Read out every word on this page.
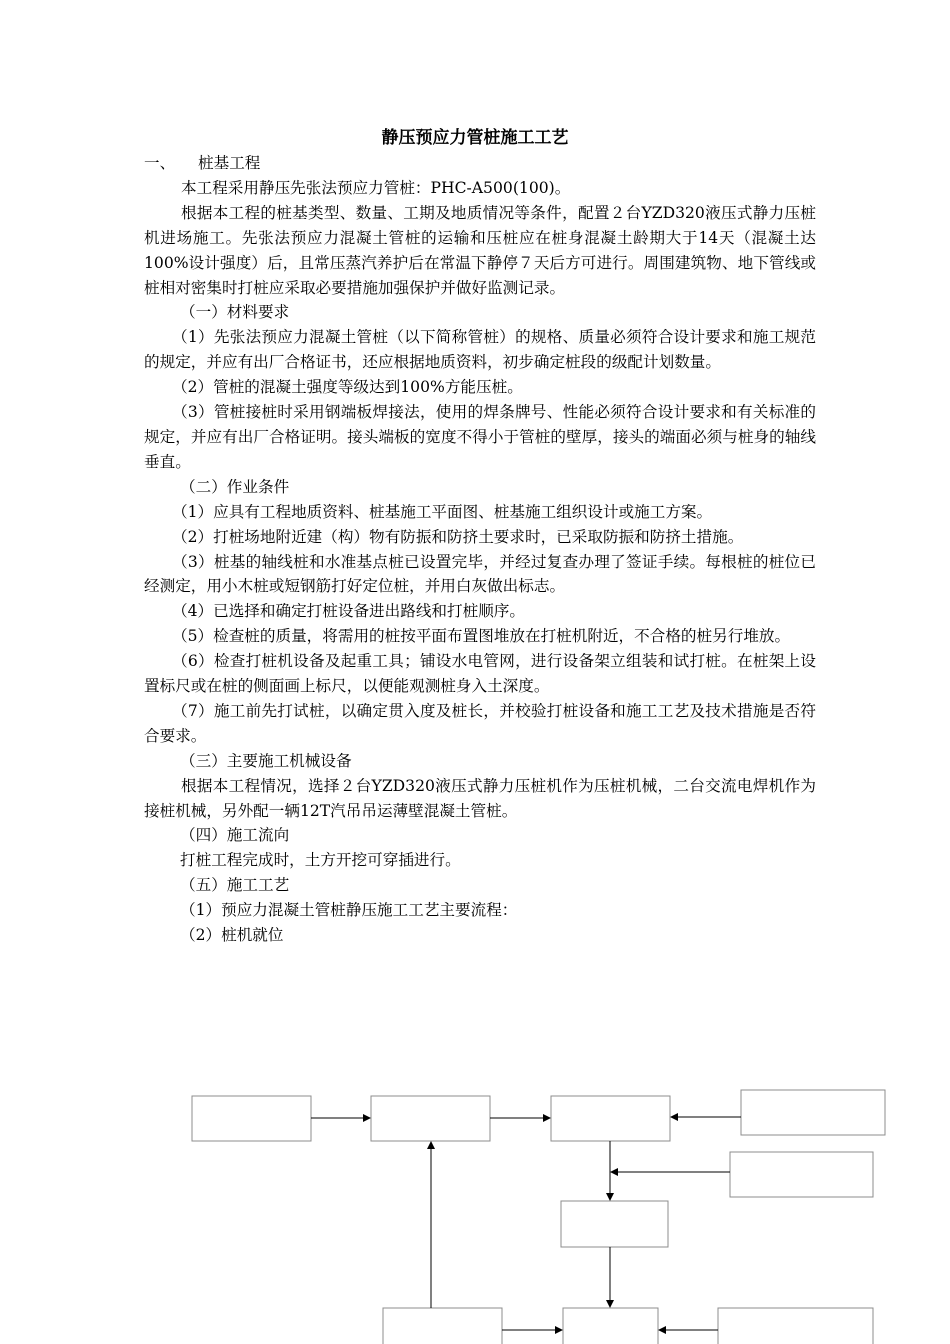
静压预应力管桩施工工艺

一、 桩基工程

本工程采用静压先张法预应力管桩：PHC-A500(100)。

根据本工程的桩基类型、数量、工期及地质情况等条件，配置２台YZD320液压式静力压桩机进场施工。先张法预应力混凝土管桩的运输和压桩应在桩身混凝土龄期大于14天（混凝土达100%设计强度）后，且常压蒸汽养护后在常温下静停７天后方可进行。周围建筑物、地下管线或桩相对密集时打桩应采取必要措施加强保护并做好监测记录。

（一）材料要求

（1）先张法预应力混凝土管桩（以下简称管桩）的规格、质量必须符合设计要求和施工规范的规定，并应有出厂合格证书，还应根据地质资料，初步确定桩段的级配计划数量。

（2）管桩的混凝土强度等级达到100%方能压桩。

（3）管桩接桩时采用钢端板焊接法，使用的焊条牌号、性能必须符合设计要求和有关标准的规定，并应有出厂合格证明。接头端板的宽度不得小于管桩的壁厚，接头的端面必须与桩身的轴线垂直。

（二）作业条件

（1）应具有工程地质资料、桩基施工平面图、桩基施工组织设计或施工方案。

（2）打桩场地附近建（构）物有防振和防挤土要求时，已采取防振和防挤土措施。

（3）桩基的轴线桩和水准基点桩已设置完毕，并经过复查办理了签证手续。每根桩的桩位已经测定，用小木桩或短钢筋打好定位桩，并用白灰做出标志。

（4）已选择和确定打桩设备进出路线和打桩顺序。

（5）检查桩的质量，将需用的桩按平面布置图堆放在打桩机附近，不合格的桩另行堆放。

（6）检查打桩机设备及起重工具；铺设水电管网，进行设备架立组装和试打桩。在桩架上设置标尺或在桩的侧面画上标尺，以便能观测桩身入土深度。

（7）施工前先打试桩，以确定贯入度及桩长，并校验打桩设备和施工工艺及技术措施是否符合要求。

（三）主要施工机械设备

根据本工程情况，选择２台YZD320液压式静力压桩机作为压桩机械，二台交流电焊机作为接桩机械，另外配一辆12T汽吊吊运薄壁混凝土管桩。

（四）施工流向

打桩工程完成时，土方开挖可穿插进行。

（五）施工工艺

（1）预应力混凝土管桩静压施工工艺主要流程：

（2）桩机就位
